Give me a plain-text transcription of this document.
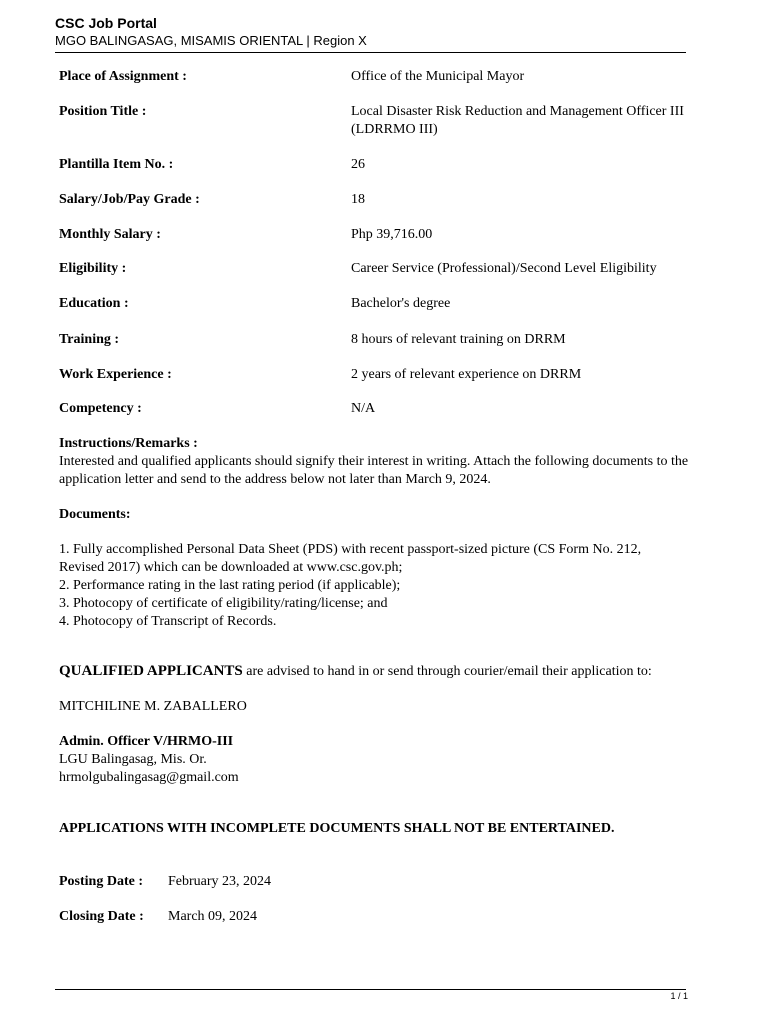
CSC Job Portal

MGO BALINGASAG, MISAMIS ORIENTAL | Region X

Place of Assignment :	Office of the Municipal Mayor
Position Title :	Local Disaster Risk Reduction and Management Officer III (LDRRMO III)
Plantilla Item No. :	26
Salary/Job/Pay Grade :	18
Monthly Salary :	Php 39,716.00
Eligibility :	Career Service (Professional)/Second Level Eligibility
Education :	Bachelor's degree
Training :	8 hours of relevant training on DRRM
Work Experience :	2 years of relevant experience on DRRM
Competency :	N/A

Instructions/Remarks :

Interested and qualified applicants should signify their interest in writing. Attach the following documents to the application letter and send to the address below not later than March 9, 2024.

Documents:

1. Fully accomplished Personal Data Sheet (PDS) with recent passport-sized picture (CS Form No. 212, Revised 2017) which can be downloaded at www.csc.gov.ph;

2. Performance rating in the last rating period (if applicable);

3. Photocopy of certificate of eligibility/rating/license; and

4. Photocopy of Transcript of Records.

QUALIFIED APPLICANTS are advised to hand in or send through courier/email their application to:

MITCHILINE M. ZABALLERO

Admin. Officer V/HRMO-III

LGU Balingasag, Mis. Or.

hrmolgubalingasag@gmail.com

APPLICATIONS WITH INCOMPLETE DOCUMENTS SHALL NOT BE ENTERTAINED.

Posting Date : February 23, 2024
Closing Date : March 09, 2024
1 / 1
